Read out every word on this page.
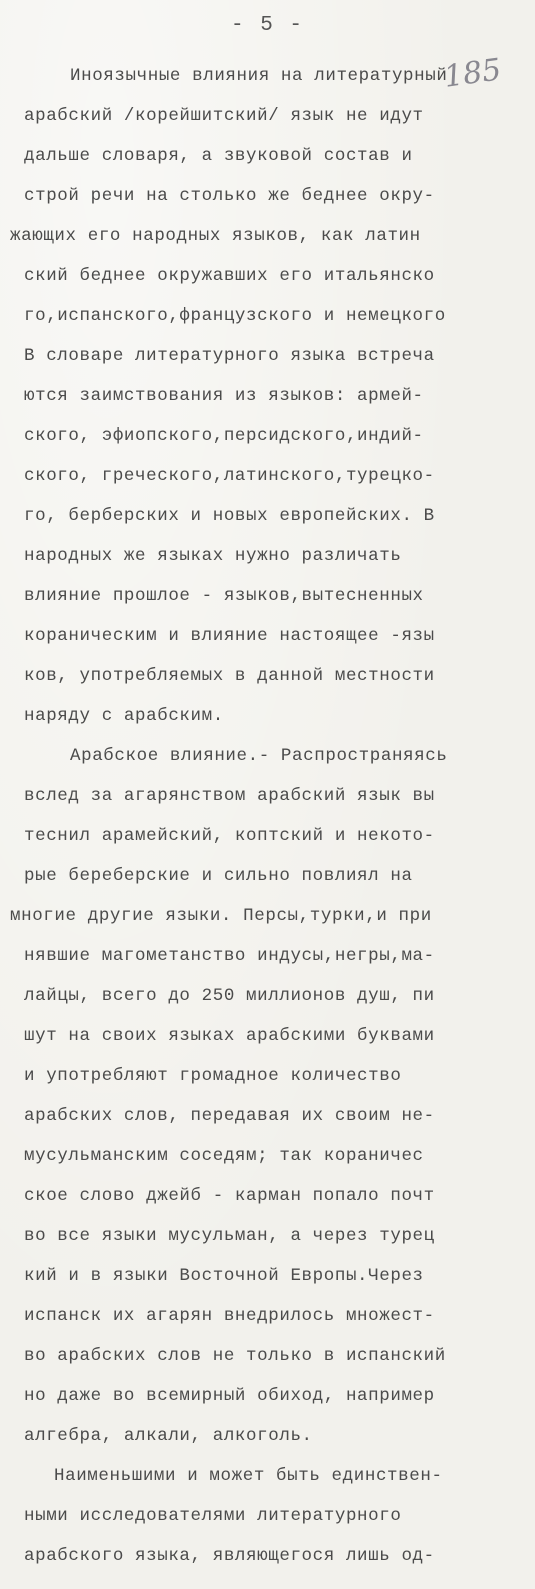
- 5 -
185
Иноязычные влияния на литературный
арабский /корейшитский/ язык не идут
дальше словаря, а звуковой состав и
строй речи на столько же беднее окру-
жающих его народных языков, как латин
ский беднее окружавших его итальянско
го,испанского,французского и немецкого
В словаре литературного языка встреча
ются заимствования из языков: армей-
ского, эфиопского,персидского,индий-
ского, греческого,латинского,турецко-
го, берберских и новых европейских. В
народных же языках нужно различать
влияние прошлое - языков,вытесненных
кораническим и влияние настоящее -язы
ков, употребляемых в данной местности
наряду с арабским.
Арабское влияние.- Распространяясь
вслед за агарянством арабский язык вы
теснил арамейский, коптский и некото-
рые береберские и сильно повлиял на
многие другие языки. Персы,турки,и при
нявшие магометанство индусы,негры,ма-
лайцы, всего до 250 миллионов душ, пи
шут на своих языках арабскими буквами
и употребляют громадное количество
арабских слов, передавая их своим не-
мусульманским соседям; так кораничес
ское слово джейб - карман попало почт
во все языки мусульман, а через турец
кий и в языки Восточной Европы.Через
испанск их агарян внедрилось множест-
во арабских слов не только в испанский
но даже во всемирный обиход, например
алгебра, алкали, алкоголь.
Наименьшими и может быть единствен-
ными исследователями литературного
арабского языка, являющегося лишь од-
